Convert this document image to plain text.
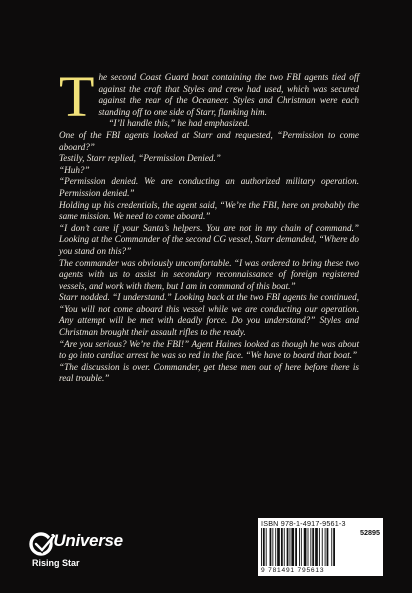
The second Coast Guard boat containing the two FBI agents tied off against the craft that Styles and crew had used, which was secured against the rear of the Oceaneer. Styles and Christman were each standing off to one side of Starr, flanking him.

“I’ll handle this,” he had emphasized.

One of the FBI agents looked at Starr and requested, “Permission to come aboard?”

Testily, Starr replied, “Permission Denied.”

“Huh?”

“Permission denied. We are conducting an authorized military operation. Permission denied.”

Holding up his credentials, the agent said, “We’re the FBI, here on probably the same mission. We need to come aboard.”

“I don’t care if your Santa’s helpers. You are not in my chain of command.” Looking at the Commander of the second CG vessel, Starr demanded, “Where do you stand on this?”

The commander was obviously uncomfortable. “I was ordered to bring these two agents with us to assist in secondary reconnaissance of foreign registered vessels, and work with them, but I am in command of this boat.”

Starr nodded. “I understand.” Looking back at the two FBI agents he continued, “You will not come aboard this vessel while we are conducting our operation. Any attempt will be met with deadly force. Do you understand?” Styles and Christman brought their assault rifles to the ready.

“Are you serious? We’re the FBI!” Agent Haines looked as though he was about to go into cardiac arrest he was so red in the face. “We have to board that boat.”

“The discussion is over. Commander, get these men out of here before there is real trouble.”

iUniverse
Rising Star
ISBN 978-1-4917-9561-3
52895
9 781491 795613
